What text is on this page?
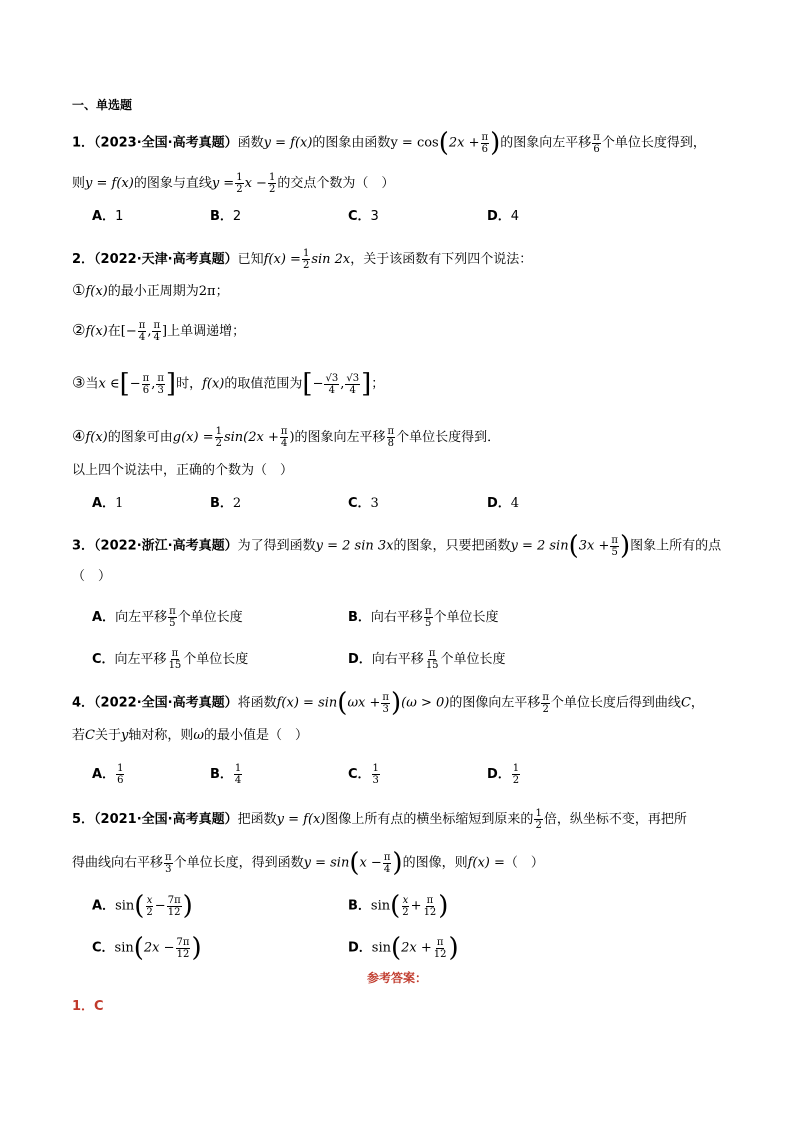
一、单选题
1．（2023·全国·高考真题）函数y = f(x)的图象由函数$y = \cos(2x + \frac{\pi}{6}$ )的图象向左平移 $\frac{\pi}{6}$ 个单位长度得到，
则y = f(x)的图象与直线$y = \frac{1}{2}$ $x - \frac{1}{2}$ 的交点个数为（　）
A．1	B．2	C．3	D．4
2．（2022·天津·高考真题）已知$f(x) = \frac{1}{2}$ sin 2x，关于该函数有下列四个说法：
①f(x)的最小正周期为2π；
②f(x)在[− $\frac{\pi}{4}$ , $\frac{\pi}{4}$ ]上单调递增；
③当x ∈[− $\frac{\pi}{6}$ , $\frac{\pi}{3}$ ]时，f(x)的取值范围为[− $\frac{√3}{4}$ , $\frac{√3}{4}$ ]；
④f(x)的图象可由$g(x) = \frac{1}{2} \sin(2x + \frac{\pi}{4}$ )的图象向左平移 $\frac{\pi}{8}$ 个单位长度得到．
以上四个说法中，正确的个数为（　）
A．1	B．2	C．3	D．4
3．（2022·浙江·高考真题）为了得到函数y = 2 sin 3x的图象，只要把函数y = 2 $\sin(3x + \frac{\pi}{5}$ )图象上所有的点
（　）
A．向左平移 $\frac{\pi}{5}$ 个单位长度	B．向右平移 $\frac{\pi}{5}$ 个单位长度
C．向左平移 $\frac{\pi}{15}$ 个单位长度	D．向右平移 $\frac{\pi}{15}$ 个单位长度
4．（2022·全国·高考真题）将函数$f(x) = \sin(\omega x + \frac{\pi}{3} )(\omega > 0)$的图像向左平移 $\frac{\pi}{2}$ 个单位长度后得到曲线C，
若C关于y轴对称，则ω的最小值是（　）
A． $\frac{1}{6}$	B． $\frac{1}{4}$	C． $\frac{1}{3}$	D． $\frac{1}{2}$
5．（2021·全国·高考真题）把函数y = f(x)图像上所有点的横坐标缩短到原来的 $\frac{1}{2}$ 倍，纵坐标不变，再把所
得曲线向右平移 $\frac{\pi}{3}$ 个单位长度，得到函数$y = \sin(x - \frac{\pi}{4}$ )的图像，则f(x) =（　）
A．$\sin( \frac{x}{2} - \frac{7\pi}{12}$ )	B．$\sin( \frac{x}{2} + \frac{\pi}{12}$ )
C．$\sin(2x - \frac{7\pi}{12}$ )	D．$\sin(2x + \frac{\pi}{12}$ )
参考答案：
1．C
